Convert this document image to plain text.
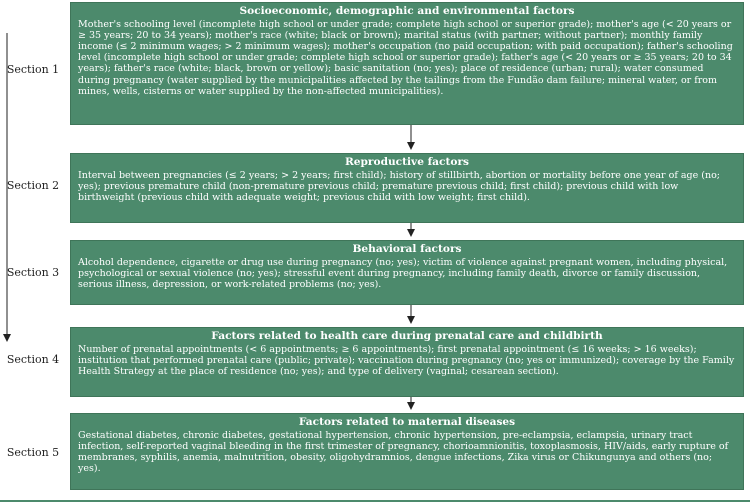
Section 1
Socioeconomic, demographic and environmental factors
Mother's schooling level (incomplete high school or under grade; complete high school or superior grade); mother's age (< 20 years or ≥ 35 years; 20 to 34 years); mother's race (white; black or brown); marital status (with partner; without partner); monthly family income (≤ 2 minimum wages; > 2 minimum wages); mother's occupation (no paid occupation; with paid occupation); father's schooling level (incomplete high school or under grade; complete high school or superior grade); father's age (< 20 years or ≥ 35 years; 20 to 34 years); father's race (white; black, brown or yellow); basic sanitation (no; yes); place of residence (urban; rural); water consumed during pregnancy (water supplied by the municipalities affected by the tailings from the Fundão dam failure; mineral water, or from mines, wells, cisterns or water supplied by the non-affected municipalities).
Section 2
Reproductive factors
Interval between pregnancies (≤ 2 years; > 2 years; first child); history of stillbirth, abortion or mortality before one year of age (no; yes); previous premature child (non-premature previous child; premature previous child; first child); previous child with low birthweight (previous child with adequate weight; previous child with low weight; first child).
Section 3
Behavioral factors
Alcohol dependence, cigarette or drug use during pregnancy (no; yes); victim of violence against pregnant women, including physical, psychological or sexual violence (no; yes); stressful event during pregnancy, including family death, divorce or family discussion, serious illness, depression, or work-related problems (no; yes).
Section 4
Factors related to health care during prenatal care and childbirth
Number of prenatal appointments (< 6 appointments; ≥ 6 appointments); first prenatal appointment (≤ 16 weeks; > 16 weeks); institution that performed prenatal care (public; private); vaccination during pregnancy (no; yes or immunized); coverage by the Family Health Strategy at the place of residence (no; yes); and type of delivery (vaginal; cesarean section).
Section 5
Factors related to maternal diseases
Gestational diabetes, chronic diabetes, gestational hypertension, chronic hypertension, pre-eclampsia, eclampsia, urinary tract infection, self-reported vaginal bleeding in the first trimester of pregnancy, chorioamnionitis, toxoplasmosis, HIV/aids, early rupture of membranes, syphilis, anemia, malnutrition, obesity, oligohydramnios, dengue infections, Zika virus or Chikungunya and others (no; yes).
